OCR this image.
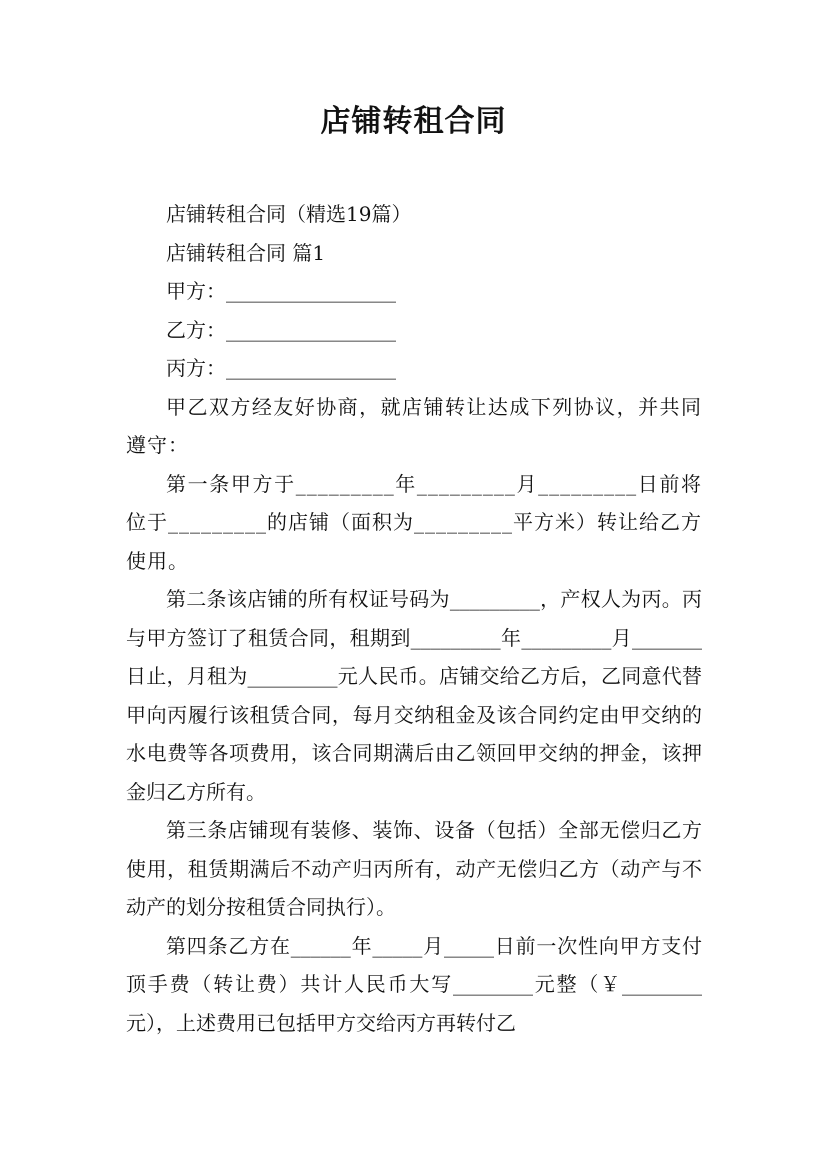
店铺转租合同

店铺转租合同（精选19篇）

店铺转租合同 篇1

甲方：_________________

乙方：_________________

丙方：_________________

甲乙双方经友好协商，就店铺转让达成下列协议，并共同遵守：

第一条甲方于_________年_________月_________日前将位于_________的店铺（面积为_________平方米）转让给乙方使用。

第二条该店铺的所有权证号码为_________，产权人为丙。丙与甲方签订了租赁合同，租期到_________年_________月_______日止，月租为_________元人民币。店铺交给乙方后，乙同意代替甲向丙履行该租赁合同，每月交纳租金及该合同约定由甲交纳的水电费等各项费用，该合同期满后由乙领回甲交纳的押金，该押金归乙方所有。

第三条店铺现有装修、装饰、设备（包括）全部无偿归乙方使用，租赁期满后不动产归丙所有，动产无偿归乙方（动产与不动产的划分按租赁合同执行）。

第四条乙方在______年_____月_____日前一次性向甲方支付顶手费（转让费）共计人民币大写________元整（￥________元），上述费用已包括甲方交给丙方再转付乙
